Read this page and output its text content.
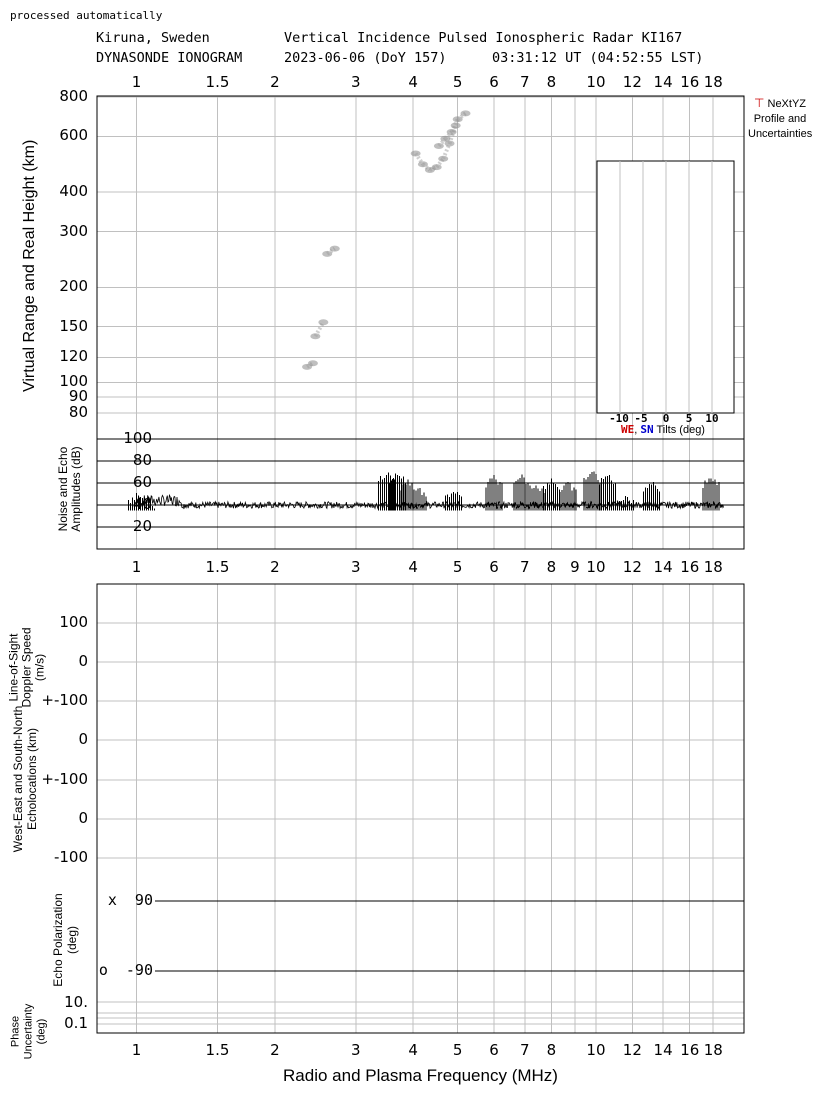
processed automatically
Kiruna, Sweden	Vertical Incidence Pulsed Ionospheric Radar KI167
DYNASONDE IONOGRAM	2023-06-06 (DoY 157)	03:31:12 UT (04:52:55 LST)
1	1.5	2	3	4 5 6 7 8 10 12 14 16 18
1	1.5	2	3	4 5 6 7 8 9 10 12 14 16 18
1	1.5	2	3	4 5 6 7 8 10 12 14 16 18
800
600
400
300
200
150
120
100
90
80
Virtual Range and Real Height (km)
100
80
60
40
20
Noise and Echo
Amplitudes (dB)
100
0
+-100
Line-of-Sight
Doppler Speed
(m/s)
0
+-100
0
-100
West-East and South-North
Echolocations (km)
x  90
o  -90
Echo Polarization
(deg)
10.
0.1
Phase
Uncertainty
(deg)
Radio and Plasma Frequency (MHz)
⊤ NeXtYZ
Profile and
Uncertainties
-10 -5 0 5 10
WE, SN Tilts (deg)
